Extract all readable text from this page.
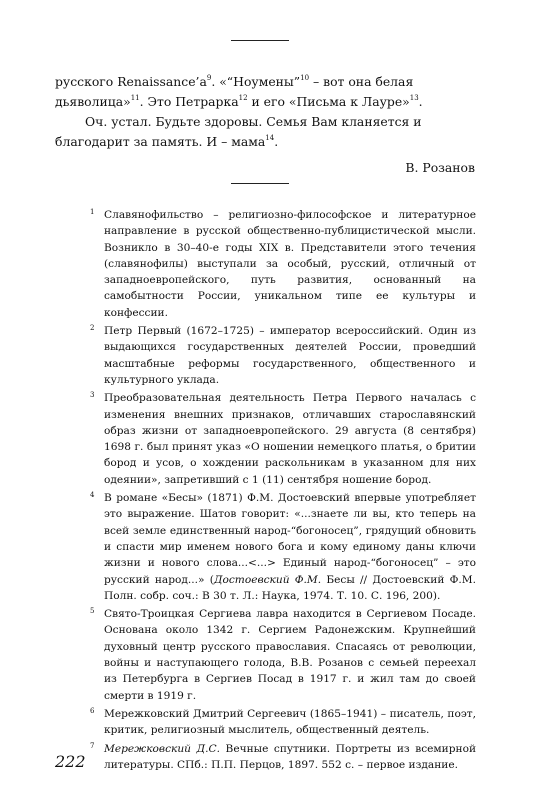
русского $Renaissance’a^9$. «“Ноумены”$^{10}$ – вот она белая дьяволица»$^{11}$. Это Петрарка$^{12}$ и его «Письма к Лауре»$^{13}$.

Оч. устал. Будьте здоровы. Семья Вам кланяется и благодарит за память. И – мама$^{14}$.

В. Розанов

1 Славянофильство – религиозно-философское и литературное направление в русской общественно-публицистической мысли. Возникло в 30–40-е годы XIX в. Представители этого течения (славянофилы) выступали за особый, русский, отличный от западноевропейского, путь развития, основанный на самобытности России, уникальном типе ее культуры и конфессии.
2 Петр Первый (1672–1725) – император всероссийский. Один из выдающихся государственных деятелей России, проведший масштабные реформы государственного, общественного и культурного уклада.
3 Преобразовательная деятельность Петра Первого началась с изменения внешних признаков, отличавших старославянский образ жизни от западноевропейского. 29 августа (8 сентября) 1698 г. был принят указ «О ношении немецкого платья, о бритии бород и усов, о хождении раскольникам в указанном для них одеянии», запретивший с 1 (11) сентября ношение бород.
4 В романе «Бесы» (1871) Ф.М. Достоевский впервые употребляет это выражение. Шатов говорит: «...знаете ли вы, кто теперь на всей земле единственный народ-“богоносец”, грядущий обновить и спасти мир именем нового бога и кому единому даны ключи жизни и нового слова...<...> Единый народ-“богоносец” – это русский народ...» (Достоевский Ф.М. Бесы // Достоевский Ф.М. Полн. собр. соч.: В 30 т. Л.: Наука, 1974. Т. 10. С. 196, 200).
5 Свято-Троицкая Сергиева лавра находится в Сергиевом Посаде. Основана около 1342 г. Сергием Радонежским. Крупнейший духовный центр русского православия. Спасаясь от революции, войны и наступающего голода, В.В. Розанов с семьей переехал из Петербурга в Сергиев Посад в 1917 г. и жил там до своей смерти в 1919 г.
6 Мережковский Дмитрий Сергеевич (1865–1941) – писатель, поэт, критик, религиозный мыслитель, общественный деятель.
7 Мережковский Д.С. Вечные спутники. Портреты из всемирной литературы. СПб.: П.П. Перцов, 1897. 552 с. – первое издание.
222
